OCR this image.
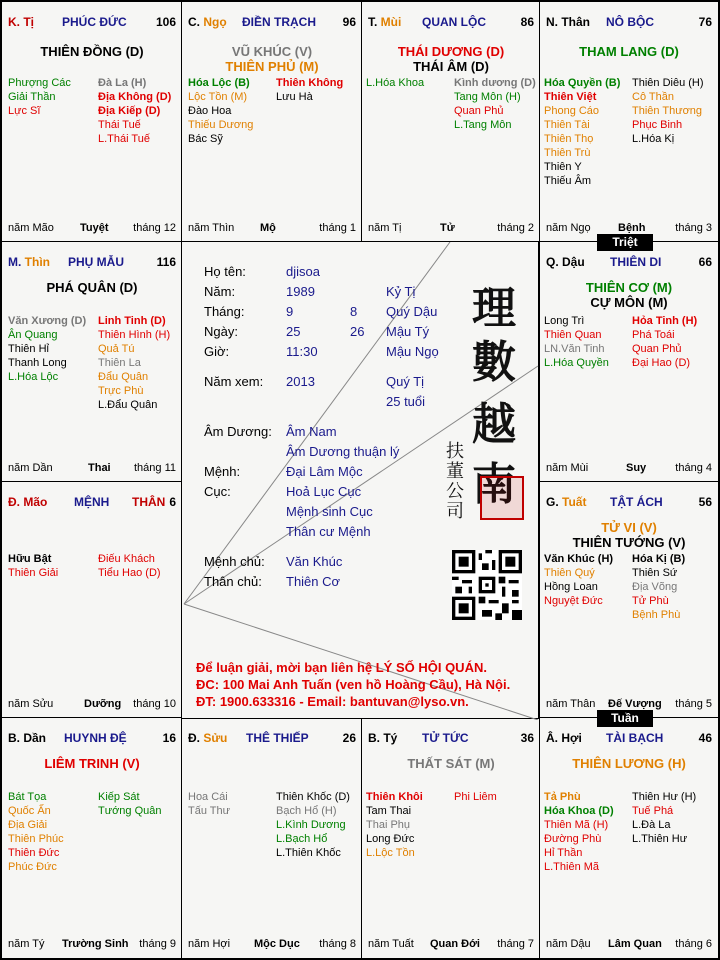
K. Tị PHÚC ĐỨC 106
THIÊN ĐỒNG (D)
Phượng Các
Giải Thần
Lực Sĩ
Đà La (H)
Địa Không (D)
Địa Kiếp (D)
Thái Tuế
L.Thái Tuế
năm Mão Tuyệt tháng 12
C. Ngọ ĐIỀN TRẠCH 96
VŨ KHÚC (V)
THIÊN PHỦ (M)
Hóa Lộc (B)
Lộc Tồn (M)
Đào Hoa
Thiếu Dương
Bác Sỹ
Thiên Không
Lưu Hà
năm Thìn Mộ	tháng 1
T. Mùi QUAN LỘC	86
THÁI DƯƠNG (D)
THÁI ÂM (D)
L.Hóa Khoa	Kình dương (D)
Tang Môn (H)
Quan Phủ
L.Tang Môn
năm Tị	Tử	tháng 2
N. Thân NÔ BỘC	76
THAM LANG (D)
Hóa Quyền (B)
Thiên Việt
Phong Cáo
Thiên Tài
Thiên Thọ
Thiên Trù
Thiên Y
Thiếu Âm
Thiên Diêu (H)
Cô Thần
Thiên Thương
Phục Binh
L.Hóa Kị
năm Ngọ Bệnh	tháng 3
M. Thìn PHỤ MẪU	116
PHÁ QUÂN (D)
Văn Xương (D)
Ân Quang
Thiên Hỉ
Thanh Long
L.Hóa Lộc
Linh Tinh (D)
Thiên Hình (H)
Quả Tú
Thiên La
Đẩu Quân
Trực Phù
L.Đẩu Quân
năm Dần	Thai tháng 11
Q. Dậu THIÊN DI	66
THIÊN CƠ (M)
CỰ MÔN (M)
Long Trì
Thiên Quan
LN.Văn Tinh
L.Hóa Quyền
Hỏa Tinh (H)
Phá Toái
Quan Phủ
Đại Hao (D)
năm Mùi	Suy	tháng 4
Đ. Mão MỆNH THÂN 6
Hữu Bật
Thiên Giải
Điếu Khách
Tiểu Hao (D)
năm Sửu	Dưỡng tháng 10
G. Tuất TẬT ÁCH	56
TỬ VI (V)
THIÊN TƯỚNG (V)
Văn Khúc (H)
Thiên Quý
Hồng Loan
Nguyệt Đức
Hóa Kị (B)
Thiên Sứ
Địa Võng
Tử Phù
Bệnh Phù
năm Thân Đế Vượng tháng 5
B. Dần HUYNH ĐỆ	16
LIÊM TRINH (V)
Bát Tọa
Quốc Ấn
Địa Giải
Thiên Phúc
Thiên Đức
Phúc Đức
Kiếp Sát
Tướng Quân
năm Tý Trường Sinh tháng 9
Đ. Sửu THÊ THIẾP	26
Hoa Cái
Tấu Thư
Thiên Khốc (D)
Bạch Hổ (H)
L.Kình Dương
L.Bạch Hổ
L.Thiên Khốc
năm Hợi Mộc Dục tháng 8
B. Tý TỬ TỨC	36
THẤT SÁT (M)
Thiên Khôi
Tam Thai
Thai Phụ
Long Đức
L.Lộc Tồn
Phi Liêm
năm Tuất Quan Đới tháng 7
Â. Hợi TÀI BẠCH	46
THIÊN LƯƠNG (H)
Tả Phù
Hóa Khoa (D)
Thiên Mã (H)
Đường Phù
Hỉ Thần
L.Thiên Mã
Thiên Hư (H)
Tuế Phá
L.Đà La
L.Thiên Hư
năm Dậu Lâm Quan tháng 6
Họ tên:	djisoa
Năm:	1989	Kỷ Tị
Tháng:	9	8 Quý Dậu
Ngày:	25	26 Mậu Tý
Giờ:	11:30	Mậu Ngọ
Năm xem: 2013	Quý Tị
25 tuổi
Âm Dương: Âm Nam
Âm Dương thuận lý
Mệnh:	Đại Lâm Mộc
Cục:	Hoả Lục Cục
Mệnh sinh Cục
Thân cư Mệnh
Mệnh chủ: Văn Khúc
Thân chủ: Thiên Cơ
理
數
越
南
扶
董
公
司
Để luận giải, mời bạn liên hệ LÝ SỐ HỘI QUÁN.
ĐC: 100 Mai Anh Tuấn (ven hồ Hoàng Cầu), Hà Nội.
ĐT: 1900.633316 - Email: bantuvan@lyso.vn.
Triệt
Tuần
